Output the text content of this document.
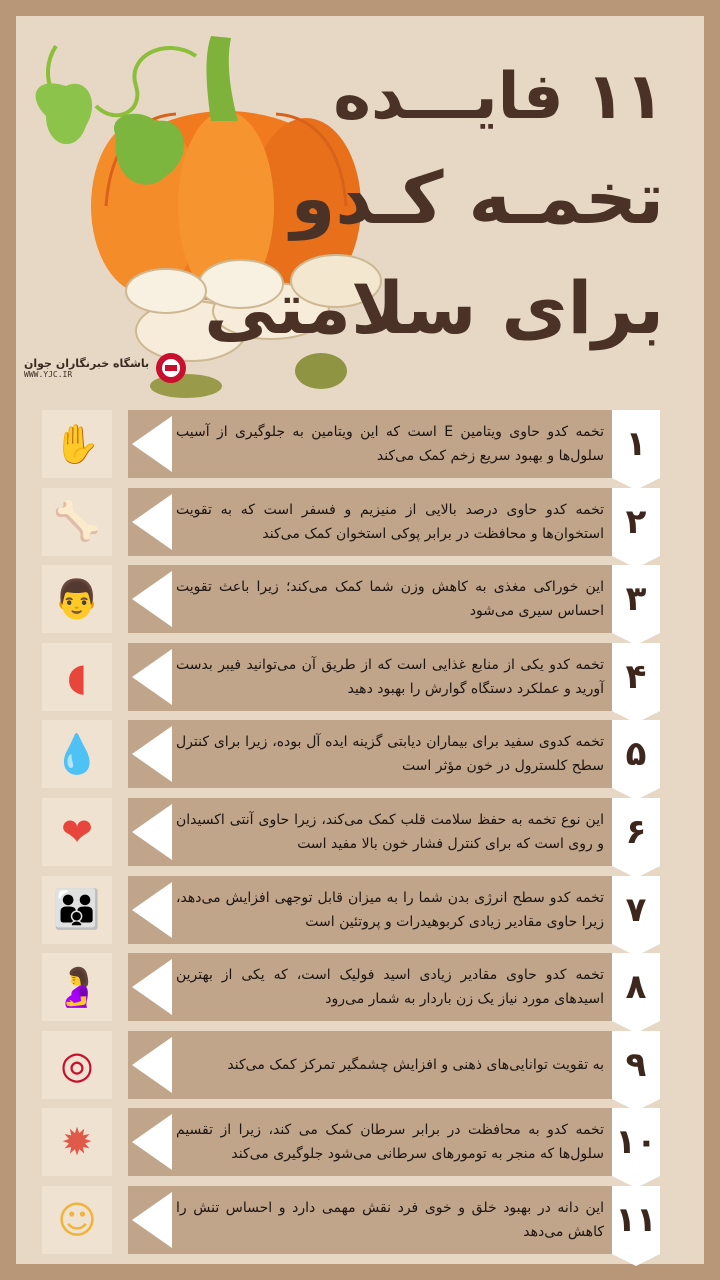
۱۱ فایـــده
تخمـه کـدو
برای سلامتی
باشگاه خبرنگاران جوان
WWW.YJC.IR
✋	تخمه کدو حاوی ویتامین E است که این ویتامین به جلوگیری از آسیب سلول‌ها و بهبود سریع زخم کمک می‌کند ۱
🦴	تخمه کدو حاوی درصد بالایی از منیزیم و فسفر است که به تقویت استخوان‌ها و محافظت در برابر پوکی استخوان کمک می‌کند ۲
👨	این خوراکی مغذی به کاهش وزن شما کمک می‌کند؛ زیرا باعث تقویت احساس سیری می‌شود ۳
◖	تخمه کدو یکی از منابع غذایی است که از طریق آن می‌توانید فیبر بدست آورید و عملکرد دستگاه گوارش را بهبود دهید ۴
💧	تخمه کدوی سفید برای بیماران دیابتی گزینه ایده آل بوده، زیرا برای کنترل سطح کلسترول در خون مؤثر است ۵
❤	این نوع تخمه به حفظ سلامت قلب کمک می‌کند، زیرا حاوی آنتی اکسیدان و روی است که برای کنترل فشار خون بالا مفید است ۶
👪	تخمه کدو سطح انرژی بدن شما را به میزان قابل توجهی افزایش می‌دهد، زیرا حاوی مقادیر زیادی کربوهیدرات و پروتئین است ۷
🤰	تخمه کدو حاوی مقادیر زیادی اسید فولیک است، که یکی از بهترین اسیدهای مورد نیاز یک زن باردار به شمار می‌رود ۸
◎	به تقویت توانایی‌های ذهنی و افزایش چشمگیر تمرکز کمک می‌کند ۹
✹	تخمه کدو به محافظت در برابر سرطان کمک می کند، زیرا از تقسیم سلول‌ها که منجر به تومورهای سرطانی می‌شود جلوگیری می‌کند ۱۰
☺	این دانه در بهبود خلق و خوی فرد نقش مهمی دارد و احساس تنش را کاهش می‌دهد ۱۱
